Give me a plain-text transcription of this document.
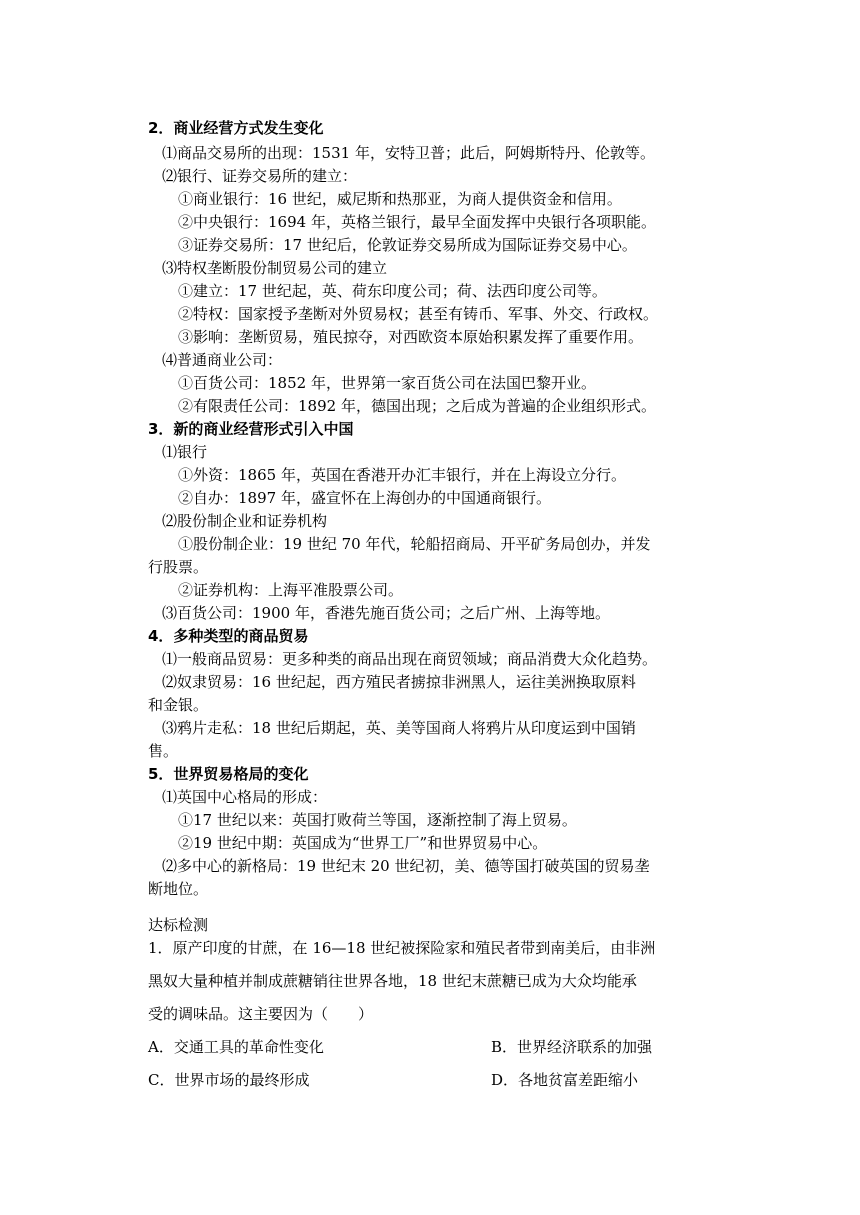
2．商业经营方式发生变化
⑴商品交易所的出现：1531 年，安特卫普；此后，阿姆斯特丹、伦敦等。
⑵银行、证券交易所的建立：
①商业银行：16 世纪，威尼斯和热那亚，为商人提供资金和信用。
②中央银行：1694 年，英格兰银行，最早全面发挥中央银行各项职能。
③证券交易所：17 世纪后，伦敦证券交易所成为国际证券交易中心。
⑶特权垄断股份制贸易公司的建立
①建立：17 世纪起，英、荷东印度公司；荷、法西印度公司等。
②特权：国家授予垄断对外贸易权；甚至有铸币、军事、外交、行政权。
③影响：垄断贸易，殖民掠夺，对西欧资本原始积累发挥了重要作用。
⑷普通商业公司：
①百货公司：1852 年，世界第一家百货公司在法国巴黎开业。
②有限责任公司：1892 年，德国出现；之后成为普遍的企业组织形式。
3．新的商业经营形式引入中国
⑴银行
①外资：1865 年，英国在香港开办汇丰银行，并在上海设立分行。
②自办：1897 年，盛宣怀在上海创办的中国通商银行。
⑵股份制企业和证券机构
①股份制企业：19 世纪 70 年代，轮船招商局、开平矿务局创办，并发
行股票。
②证券机构：上海平准股票公司。
⑶百货公司：1900 年，香港先施百货公司；之后广州、上海等地。
4．多种类型的商品贸易
⑴一般商品贸易：更多种类的商品出现在商贸领域；商品消费大众化趋势。
⑵奴隶贸易：16 世纪起，西方殖民者掳掠非洲黑人，运往美洲换取原料
和金银。
⑶鸦片走私：18 世纪后期起，英、美等国商人将鸦片从印度运到中国销
售。
5．世界贸易格局的变化
⑴英国中心格局的形成：
①17 世纪以来：英国打败荷兰等国，逐渐控制了海上贸易。
②19 世纪中期：英国成为“世界工厂”和世界贸易中心。
⑵多中心的新格局：19 世纪末 20 世纪初，美、德等国打破英国的贸易垄
断地位。
达标检测
1．原产印度的甘蔗，在 16—18 世纪被探险家和殖民者带到南美后，由非洲
黑奴大量种植并制成蔗糖销往世界各地，18 世纪末蔗糖已成为大众均能承
受的调味品。这主要因为（　　）
A．交通工具的革命性变化	B．世界经济联系的加强
C．世界市场的最终形成	D．各地贫富差距缩小
